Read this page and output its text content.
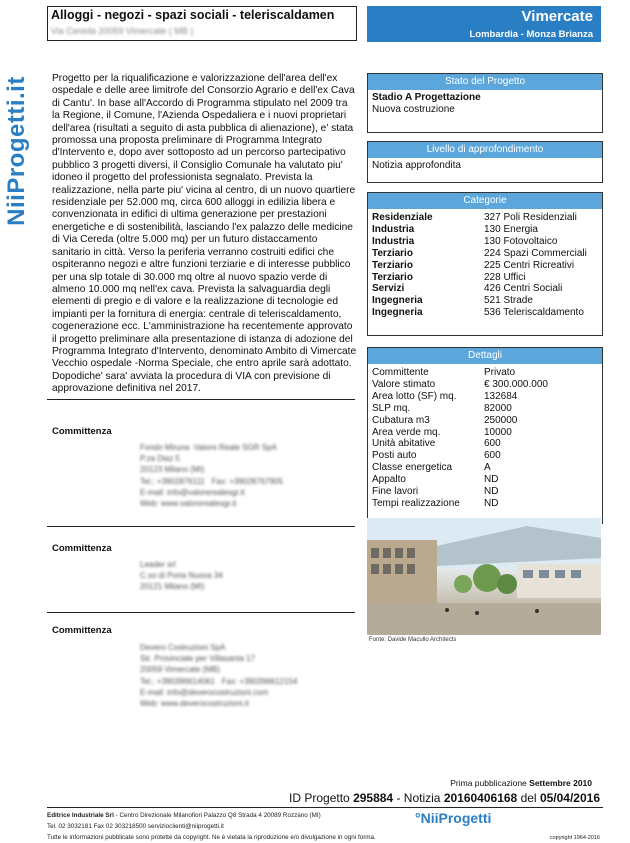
NiiProgetti.it
Alloggi - negozi - spazi sociali - teleriscaldamen
Via Cereda 20059 Vimercate ( MB )
Vimercate
Lombardia - Monza Brianza
Progetto per la riqualificazione e valorizzazione dell'area dell'ex ospedale e delle aree limitrofe del Consorzio Agrario e dell'ex Cava di Cantu'. In base all'Accordo di Programma stipulato nel 2009 tra la Regione, il Comune, l'Azienda Ospedaliera e i nuovi proprietari dell'area (risultati a seguito di asta pubblica di alienazione), e' stata promossa una proposta preliminare di Programma Integrato d'Intervento e, dopo aver sottoposto ad un percorso partecipativo pubblico 3 progetti diversi, il Consiglio Comunale ha valutato piu' idoneo il progetto del professionista segnalato. Prevista la realizzazione, nella parte piu' vicina al centro, di un nuovo quartiere residenziale per 52.000 mq, circa 600 alloggi in edilizia libera e convenzionata in edifici di ultima generazione per prestazioni energetiche e di sostenibilità, lasciando l'ex palazzo delle medicine di Via Cereda (oltre 5.000 mq) per un futuro distaccamento sanitario in città. Verso la periferia verranno costruiti edifici che ospiteranno negozi e altre funzioni terziarie e di interesse pubblico per una slp totale di 30.000 mq oltre al nuovo spazio verde di almeno 10.000 mq nell'ex cava. Prevista la salvaguardia degli elementi di pregio e di valore e la realizzazione di tecnologie ed impianti per la fornitura di energia: centrale di teleriscaldamento, cogenerazione ecc. L'amministrazione ha recentemente approvato il progetto preliminare alla presentazione di istanza di adozione del Programma Integrato d'Intervento, denominato Ambito di Vimercate Vecchio ospedale -Norma Speciale, che entro aprile sarà adottato. Dopodiche' sara' avviata la procedura di VIA con previsione di approvazione definitiva nel 2017.
Committenza
Fondo Miruna -Valore Reale SGR SpA
P.za Diaz 5
20123 Milano (MI)
Tel.: +3902876111   Fax: +39028767905
E-mail: info@valorerealesgr.it
Web: www.valorerealesgr.it
Committenza
Leader srl
C.so di Porta Nuova 34
20121 Milano (MI)
Committenza
Devero Costruzioni SpA
Str. Provinciale per Villasanta 17
20059 Vimercate (MB)
Tel.: +390396614061   Fax: +390396612154
E-mail: info@deverocostruzioni.com
Web: www.deverocostruzioni.it
Stato del Progetto
Stadio A Progettazione
Nuova costruzione
Livello di approfondimento
Notizia approfondita
Categorie
Residenziale	327 Poli Residenziali
Industria	130 Energia
Industria	130 Fotovoltaico
Terziario	224 Spazi Commerciali
Terziario	225 Centri Ricreativi
Terziario	228 Uffici
Servizi	426 Centri Sociali
Ingegneria	521 Strade
Ingegneria	536 Teleriscaldamento
Dettagli
Committente	Privato
Valore stimato	€ 300.000.000
Area lotto (SF) mq.	132684
SLP mq.	82000
Cubatura m3	250000
Area verde mq.	10000
Unità abitative	600
Posti auto	600
Classe energetica	A
Appalto	ND
Fine lavori	ND
Tempi realizzazione	ND
Fonte: Davide Macullo Architects
Prima pubblicazione Settembre 2010
ID Progetto 295884 - Notizia 20160406168 del 05/04/2016
Editrice Industriale Srl - Centro Direzionale Milanofiori Palazzo Q8 Strada 4 20089 Rozzano (MI)
Tel. 02 3032181 Fax 02 303218500 servizioclienti@niiprogetti.it
Tutte le informazioni pubblicate sono protette da copyright. Ne è vietata la riproduzione e/o divulgazione in ogni forma.
°NiiProgetti
copyright 1964-2016
